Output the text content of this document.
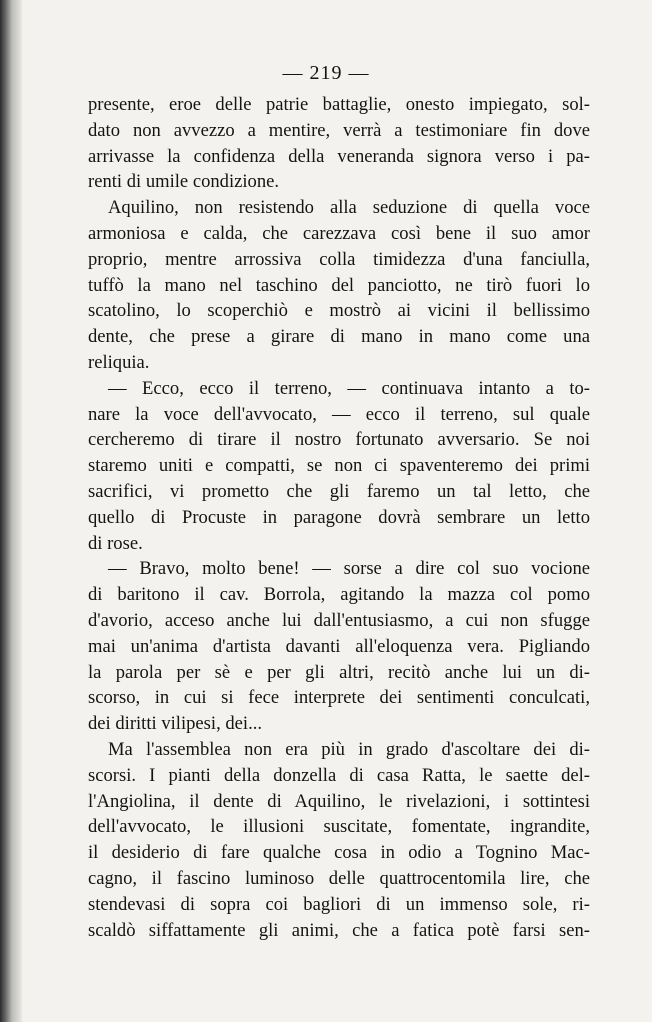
— 219 —
presente, eroe delle patrie battaglie, onesto impiegato, sol-
dato non avvezzo a mentire, verrà a testimoniare fin dove
arrivasse la confidenza della veneranda signora verso i pa-
renti di umile condizione.
Aquilino, non resistendo alla seduzione di quella voce
armoniosa e calda, che carezzava così bene il suo amor
proprio, mentre arrossiva colla timidezza d'una fanciulla,
tuffò la mano nel taschino del panciotto, ne tirò fuori lo
scatolino, lo scoperchiò e mostrò ai vicini il bellissimo
dente, che prese a girare di mano in mano come una
reliquia.
— Ecco, ecco il terreno, — continuava intanto a to-
nare la voce dell'avvocato, — ecco il terreno, sul quale
cercheremo di tirare il nostro fortunato avversario. Se noi
staremo uniti e compatti, se non ci spaventeremo dei primi
sacrifici, vi prometto che gli faremo un tal letto, che
quello di Procuste in paragone dovrà sembrare un letto
di rose.
— Bravo, molto bene! — sorse a dire col suo vocione
di baritono il cav. Borrola, agitando la mazza col pomo
d'avorio, acceso anche lui dall'entusiasmo, a cui non sfugge
mai un'anima d'artista davanti all'eloquenza vera. Pigliando
la parola per sè e per gli altri, recitò anche lui un di-
scorso, in cui si fece interprete dei sentimenti conculcati,
dei diritti vilipesi, dei...
Ma l'assemblea non era più in grado d'ascoltare dei di-
scorsi. I pianti della donzella di casa Ratta, le saette del-
l'Angiolina, il dente di Aquilino, le rivelazioni, i sottintesi
dell'avvocato, le illusioni suscitate, fomentate, ingrandite,
il desiderio di fare qualche cosa in odio a Tognino Mac-
cagno, il fascino luminoso delle quattrocentomila lire, che
stendevasi di sopra coi bagliori di un immenso sole, ri-
scaldò siffattamente gli animi, che a fatica potè farsi sen-
